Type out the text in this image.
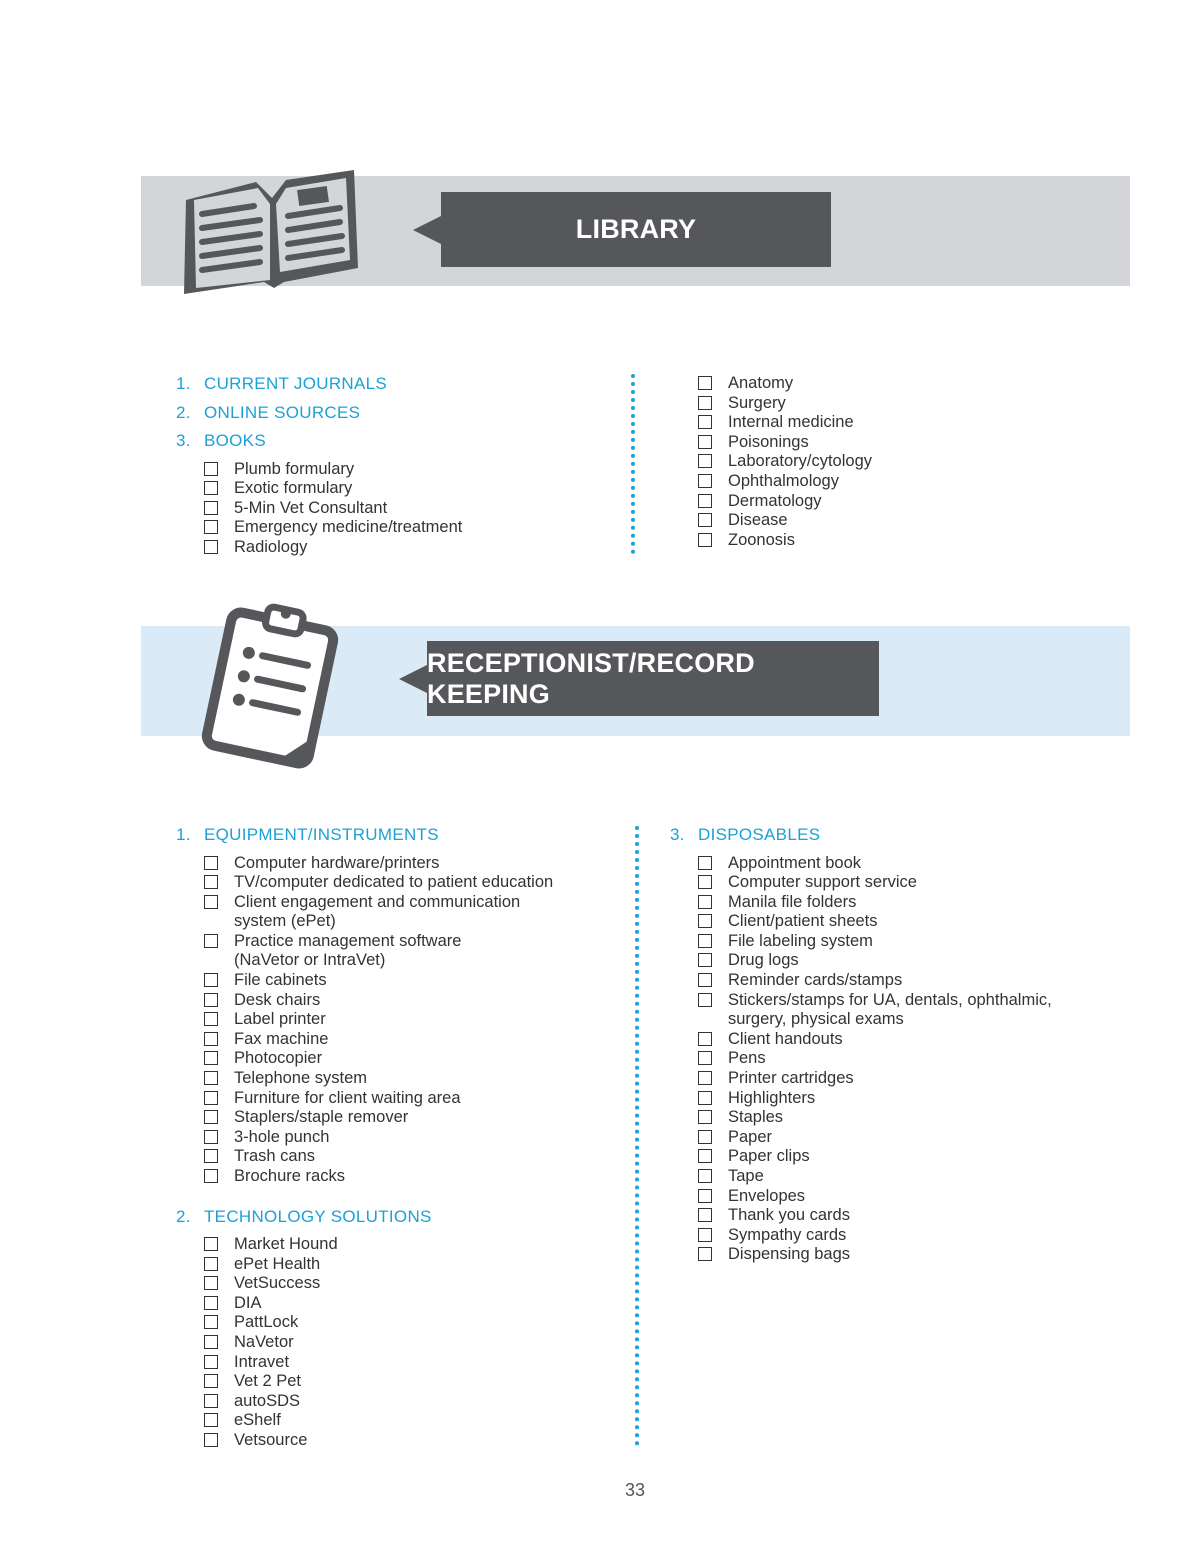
LIBRARY
1. CURRENT JOURNALS
2. ONLINE SOURCES
3. BOOKS
Plumb formulary
Exotic formulary
5-Min Vet Consultant
Emergency medicine/treatment
Radiology
Anatomy
Surgery
Internal medicine
Poisonings
Laboratory/cytology
Ophthalmology
Dermatology
Disease
Zoonosis
RECEPTIONIST/RECORD KEEPING
1. EQUIPMENT/INSTRUMENTS
Computer hardware/printers
TV/computer dedicated to patient education
Client engagement and communication
system (ePet)
Practice management software
(NaVetor or IntraVet)
File cabinets
Desk chairs
Label printer
Fax machine
Photocopier
Telephone system
Furniture for client waiting area
Staplers/staple remover
3-hole punch
Trash cans
Brochure racks
2. TECHNOLOGY SOLUTIONS
Market Hound
ePet Health
VetSuccess
DIA
PattLock
NaVetor
Intravet
Vet 2 Pet
autoSDS
eShelf
Vetsource
3. DISPOSABLES
Appointment book
Computer support service
Manila file folders
Client/patient sheets
File labeling system
Drug logs
Reminder cards/stamps
Stickers/stamps for UA, dentals, ophthalmic,
surgery, physical exams
Client handouts
Pens
Printer cartridges
Highlighters
Staples
Paper
Paper clips
Tape
Envelopes
Thank you cards
Sympathy cards
Dispensing bags
33
